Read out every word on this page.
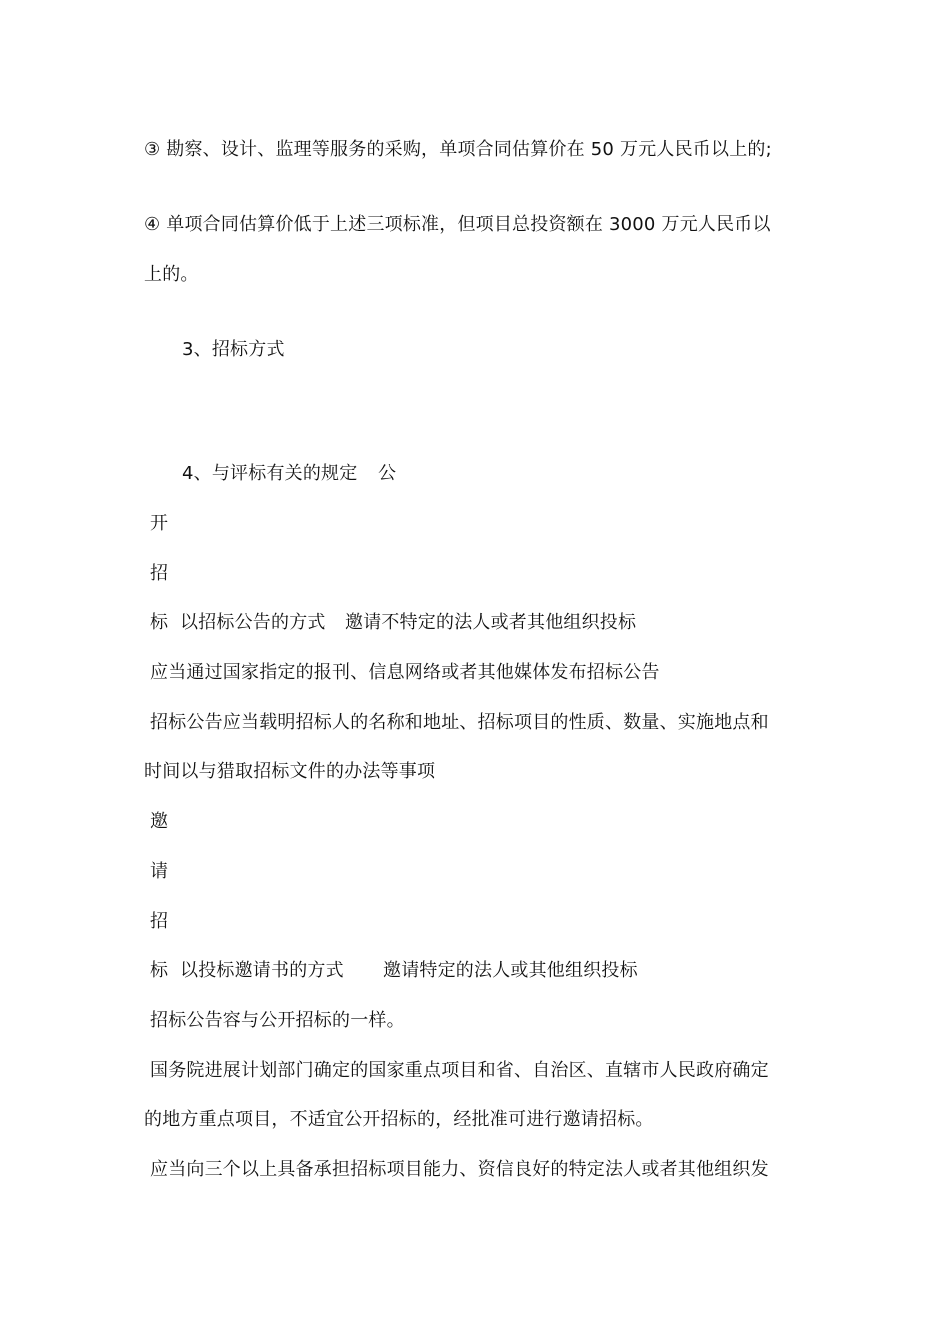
③ 勘察、设计、监理等服务的采购，单项合同估算价在 50 万元人民币以上的;
④ 单项合同估算价低于上述三项标准，但项目总投资额在 3000 万元人民币以
上的。
3、招标方式
4、与评标有关的规定 公
开
招
标 以招标公告的方式 邀请不特定的法人或者其他组织投标
应当通过国家指定的报刊、信息网络或者其他媒体发布招标公告
招标公告应当载明招标人的名称和地址、招标项目的性质、数量、实施地点和
时间以与猎取招标文件的办法等事项
邀
请
招
标 以投标邀请书的方式 邀请特定的法人或其他组织投标
招标公告容与公开招标的一样。
国务院进展计划部门确定的国家重点项目和省、自治区、直辖市人民政府确定
的地方重点项目，不适宜公开招标的，经批准可进行邀请招标。
应当向三个以上具备承担招标项目能力、资信良好的特定法人或者其他组织发
